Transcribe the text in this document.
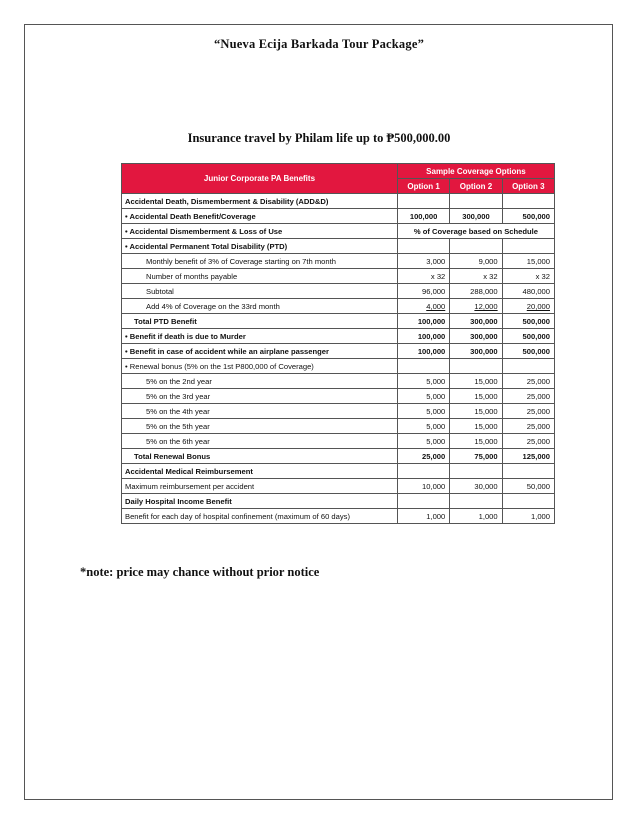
“Nueva Ecija Barkada Tour Package”
Insurance travel by Philam life up to ₱500,000.00
Junior Corporate PA Benefits	Sample Coverage Options		
	Option 1	Option 2	Option 3
Accidental Death, Dismemberment & Disability (ADD&D)			
• Accidental Death Benefit/Coverage	100,000	300,000	500,000
• Accidental Dismemberment & Loss of Use	% of Coverage based on Schedule		
• Accidental Permanent Total Disability (PTD)			
Monthly benefit of 3% of Coverage starting on 7th month	3,000	9,000	15,000
Number of months payable	x 32	x 32	x 32
Subtotal	96,000	288,000	480,000
Add 4% of Coverage on the 33rd month	4,000	12,000	20,000
Total PTD Benefit	100,000	300,000	500,000
• Benefit if death is due to Murder	100,000	300,000	500,000
• Benefit in case of accident while an airplane passenger	100,000	300,000	500,000
• Renewal bonus (5% on the 1st P800,000 of Coverage)			
5% on the 2nd year	5,000	15,000	25,000
5% on the 3rd year	5,000	15,000	25,000
5% on the 4th year	5,000	15,000	25,000
5% on the 5th year	5,000	15,000	25,000
5% on the 6th year	5,000	15,000	25,000
Total Renewal Bonus	25,000	75,000	125,000
Accidental Medical Reimbursement			
Maximum reimbursement per accident	10,000	30,000	50,000
Daily Hospital Income Benefit			
Benefit for each day of hospital confinement (maximum of 60 days)	1,000	1,000	1,000
*note: price may chance without prior notice
